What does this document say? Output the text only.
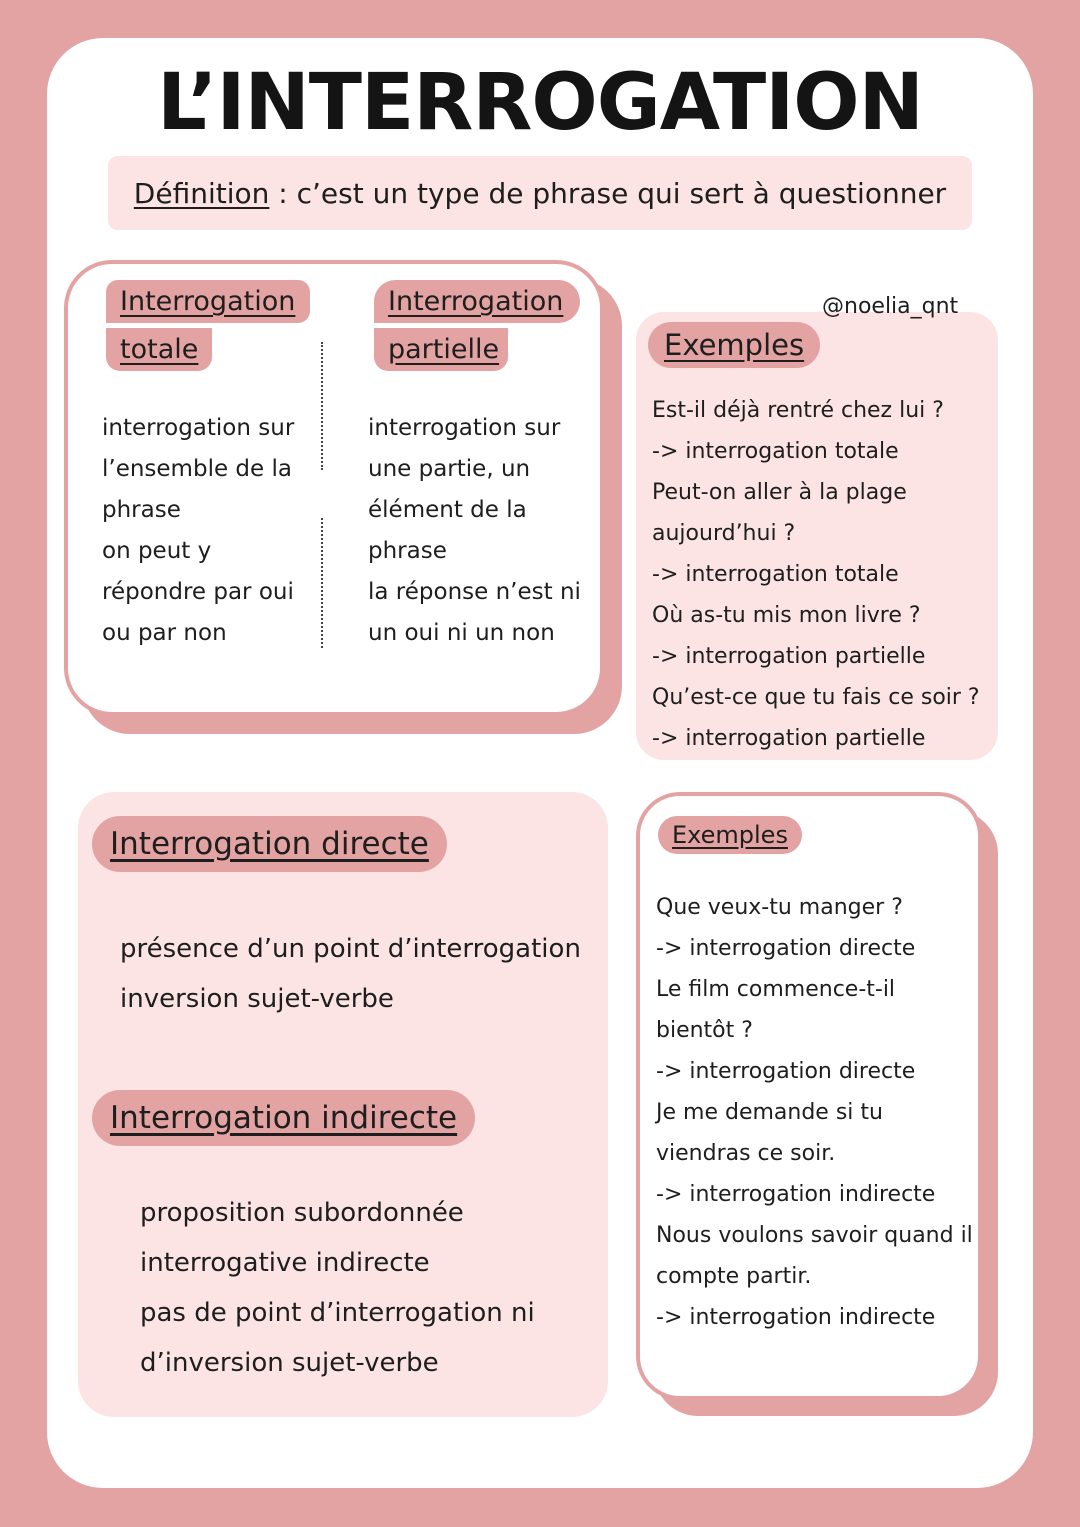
L’INTERROGATION
Définition : c’est un type de phrase qui sert à questionner
Interrogation
totale
Interrogation
partielle
interrogation sur
l’ensemble de la
phrase
on peut y
répondre par oui
ou par non
interrogation sur
une partie, un
élément de la
phrase
la réponse n’est ni
un oui ni un non
@noelia_qnt
Exemples
Est-il déjà rentré chez lui ?
-> interrogation totale
Peut-on aller à la plage
aujourd’hui ?
-> interrogation totale
Où as-tu mis mon livre ?
-> interrogation partielle
Qu’est-ce que tu fais ce soir ?
-> interrogation partielle
Interrogation directe
présence d’un point d’interrogation
inversion sujet-verbe
Interrogation indirecte
proposition subordonnée
interrogative indirecte
pas de point d’interrogation ni
d’inversion sujet-verbe
Exemples
Que veux-tu manger ?
-> interrogation directe
Le film commence-t-il
bientôt ?
-> interrogation directe
Je me demande si tu
viendras ce soir.
-> interrogation indirecte
Nous voulons savoir quand il
compte partir.
-> interrogation indirecte
